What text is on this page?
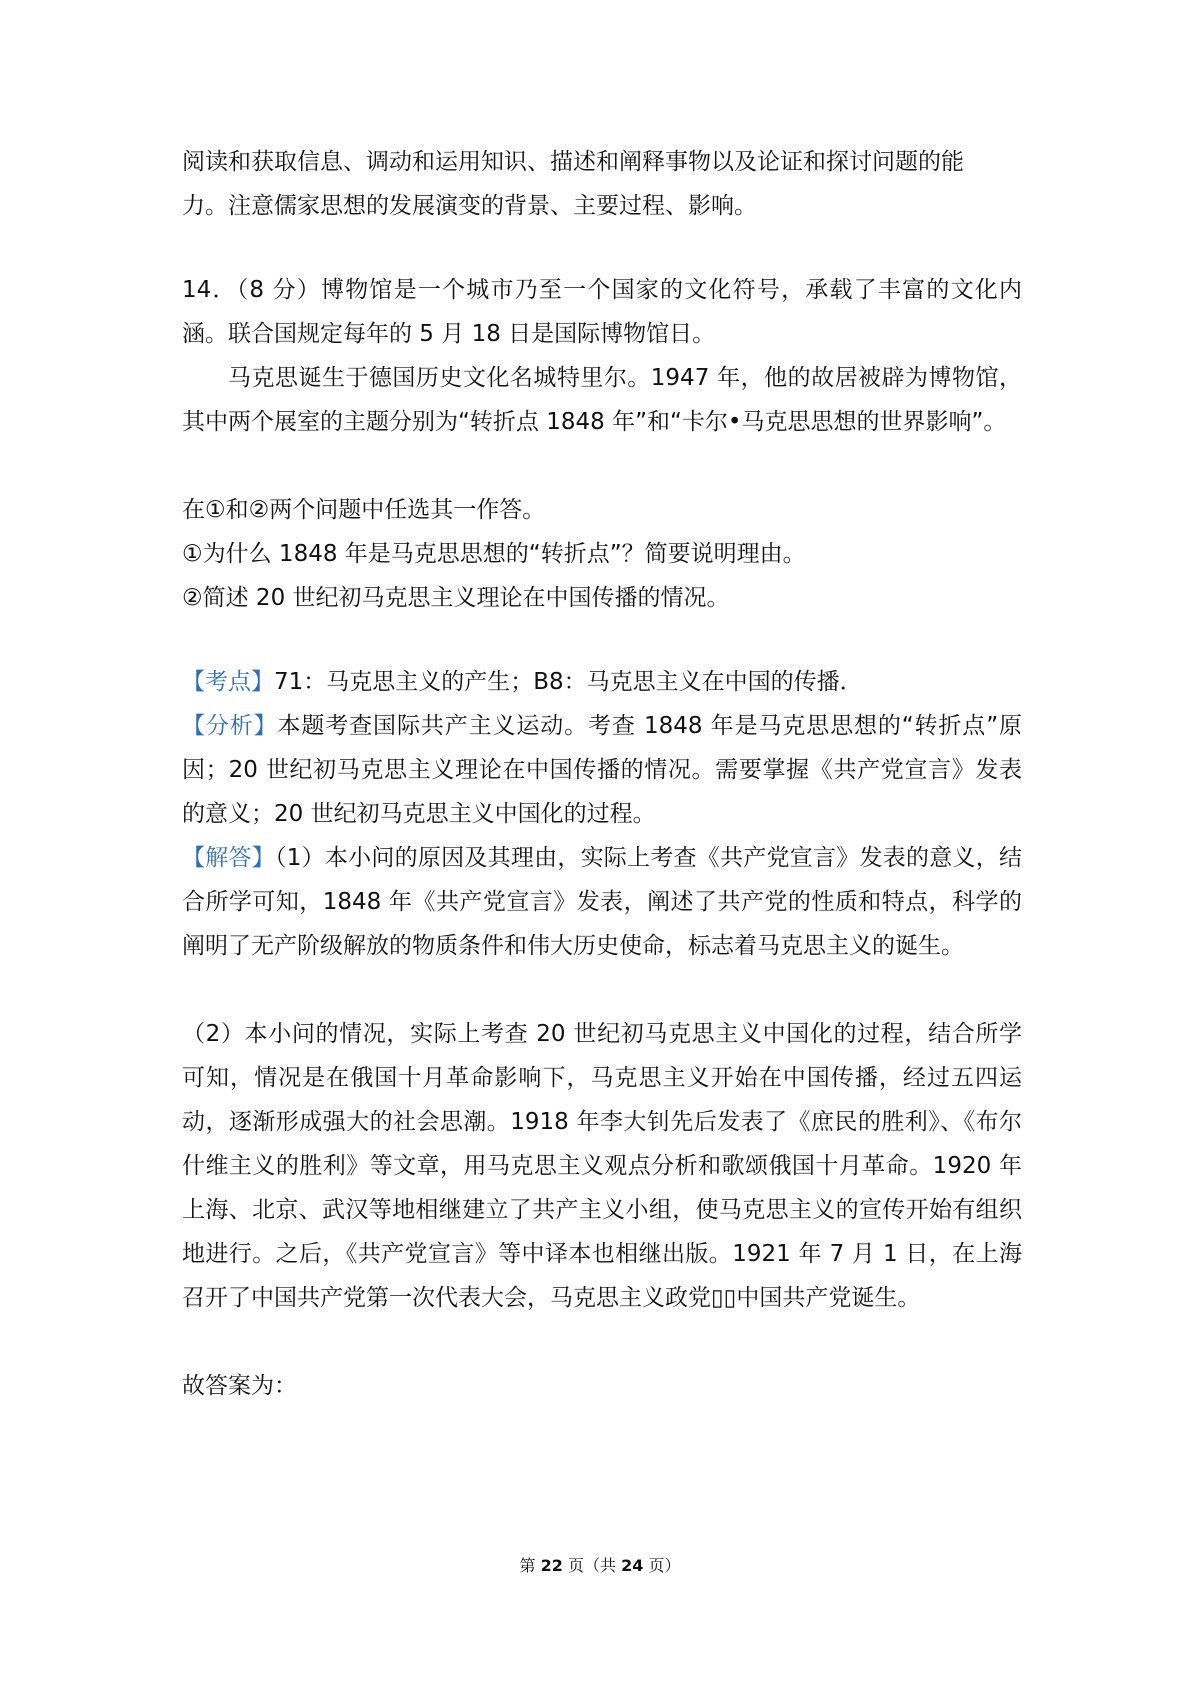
阅读和获取信息、调动和运用知识、描述和阐释事物以及论证和探讨问题的能

力。注意儒家思想的发展演变的背景、主要过程、影响。

14．（8 分）博物馆是一个城市乃至一个国家的文化符号，承载了丰富的文化内涵。联合国规定每年的 5 月 18 日是国际博物馆日。

马克思诞生于德国历史文化名城特里尔。1947 年，他的故居被辟为博物馆，其中两个展室的主题分别为“转折点 1848 年”和“卡尔•马克思思想的世界影响”。

在①和②两个问题中任选其一作答。

①为什么 1848 年是马克思思想的“转折点”？简要说明理由。

②简述 20 世纪初马克思主义理论在中国传播的情况。

【考点】71：马克思主义的产生；B8：马克思主义在中国的传播．

【分析】本题考查国际共产主义运动。考查 1848 年是马克思思想的“转折点”原因；20 世纪初马克思主义理论在中国传播的情况。需要掌握《共产党宣言》发表的意义；20 世纪初马克思主义中国化的过程。

【解答】（1）本小问的原因及其理由，实际上考查《共产党宣言》发表的意义，结合所学可知，1848 年《共产党宣言》发表，阐述了共产党的性质和特点，科学的阐明了无产阶级解放的物质条件和伟大历史使命，标志着马克思主义的诞生。

（2）本小问的情况，实际上考查 20 世纪初马克思主义中国化的过程，结合所学可知，情况是在俄国十月革命影响下，马克思主义开始在中国传播，经过五四运动，逐渐形成强大的社会思潮。1918 年李大钊先后发表了《庶民的胜利》、《布尔什维主义的胜利》等文章，用马克思主义观点分析和歌颂俄国十月革命。1920 年上海、北京、武汉等地相继建立了共产主义小组，使马克思主义的宣传开始有组织地进行。之后，《共产党宣言》等中译本也相继出版。1921 年 7 月 1 日，在上海召开了中国共产党第一次代表大会，马克思主义政党▯▯中国共产党诞生。

故答案为：

第 22 页（共 24 页）
